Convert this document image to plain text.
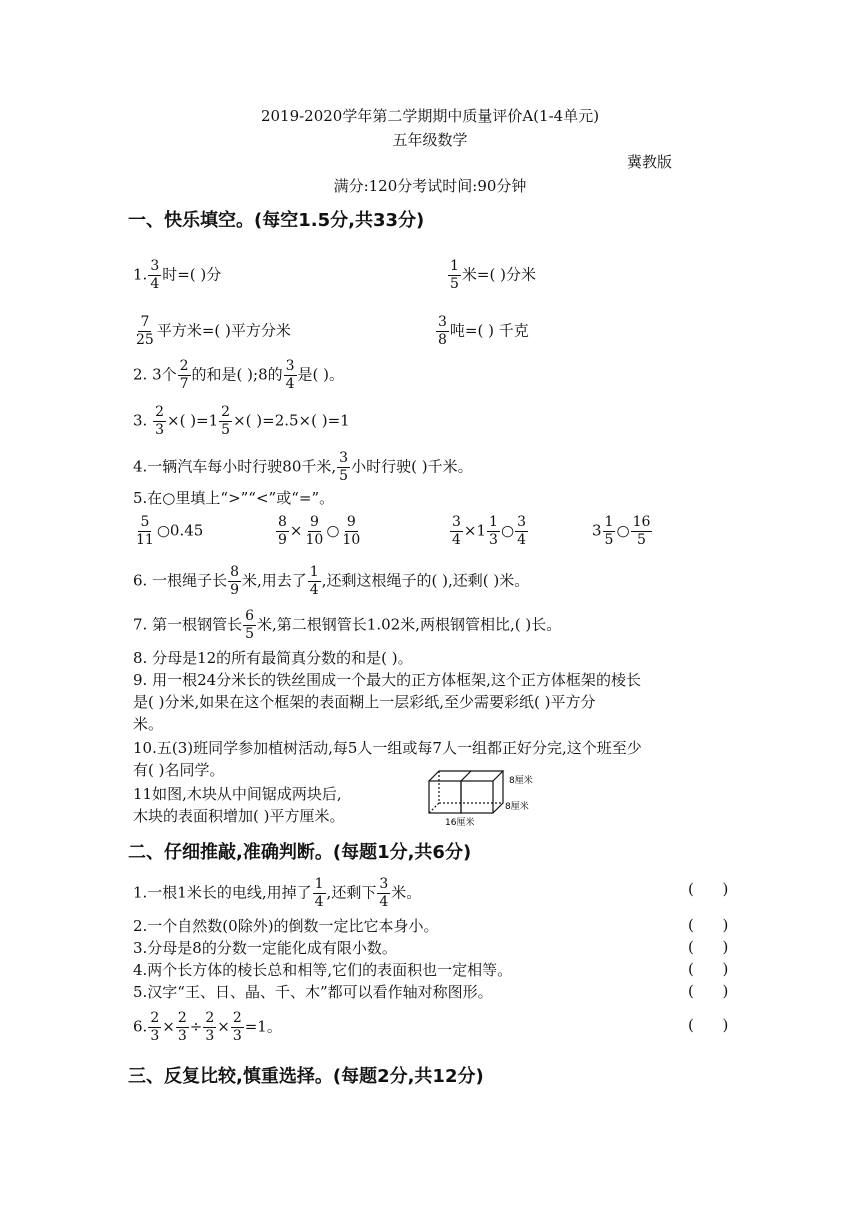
2019-2020学年第二学期期中质量评价A(1-4单元)
五年级数学
冀教版
满分:120分考试时间:90分钟
一、快乐填空。(每空1.5分,共33分)
1. $\frac{3}{4}$ 时=( )分	$\frac{1}{5}$ 米=( )分米
$\frac{7}{25}$ 平方米=( )平方分米	$\frac{3}{8}$ 吨=( ) 千克
2. 3个 $\frac{2}{7}$ 的和是( );8的 $\frac{3}{4}$ 是( )。
3. $\frac{2}{3}$ ×( )$=1 \frac{2}{5}$ ×( )=2.5×( )=1
4.一辆汽车每小时行驶80千米, $\frac{3}{5}$ 小时行驶( )千米。
5.在○里填上“>”“<”或“=”。
$\frac{5}{11}$ ○0.45	$\frac{8}{9} \times \frac{9}{10}$ ○ $\frac{9}{10}$	$\frac{3}{4} \times 1 \frac{1}{3}$ ○ $\frac{3}{4}$	$3 \frac{1}{5}$ ○ $\frac{16}{5}$
6. 一根绳子长 $\frac{8}{9}$ 米,用去了 $\frac{1}{4}$ ,还剩这根绳子的( ),还剩( )米。
7. 第一根钢管长 $\frac{6}{5}$ 米,第二根钢管长1.02米,两根钢管相比,( )长。
8. 分母是12的所有最简真分数的和是( )。
9. 用一根24分米长的铁丝围成一个最大的正方体框架,这个正方体框架的棱长
是( )分米,如果在这个框架的表面糊上一层彩纸,至少需要彩纸( )平方分
米。
10.五(3)班同学参加植树活动,每5人一组或每7人一组都正好分完,这个班至少
有( )名同学。
11如图,木块从中间锯成两块后,
木块的表面积增加( )平方厘米。
8厘米
8厘米
16厘米
二、仔细推敲,准确判断。(每题1分,共6分)
1.一根1米长的电线,用掉了 $\frac{1}{4}$ ,还剩下 $\frac{3}{4}$ 米。	(      )
2.一个自然数(0除外)的倒数一定比它本身小。	(      )
3.分母是8的分数一定能化成有限小数。	(      )
4.两个长方体的棱长总和相等,它们的表面积也一定相等。	(      )
5.汉字“王、日、晶、千、木”都可以看作轴对称图形。	(      )
6. $\frac{2}{3} \times \frac{2}{3} \div \frac{2}{3} \times \frac{2}{3} =1$。	(      )
三、反复比较,慎重选择。(每题2分,共12分)
